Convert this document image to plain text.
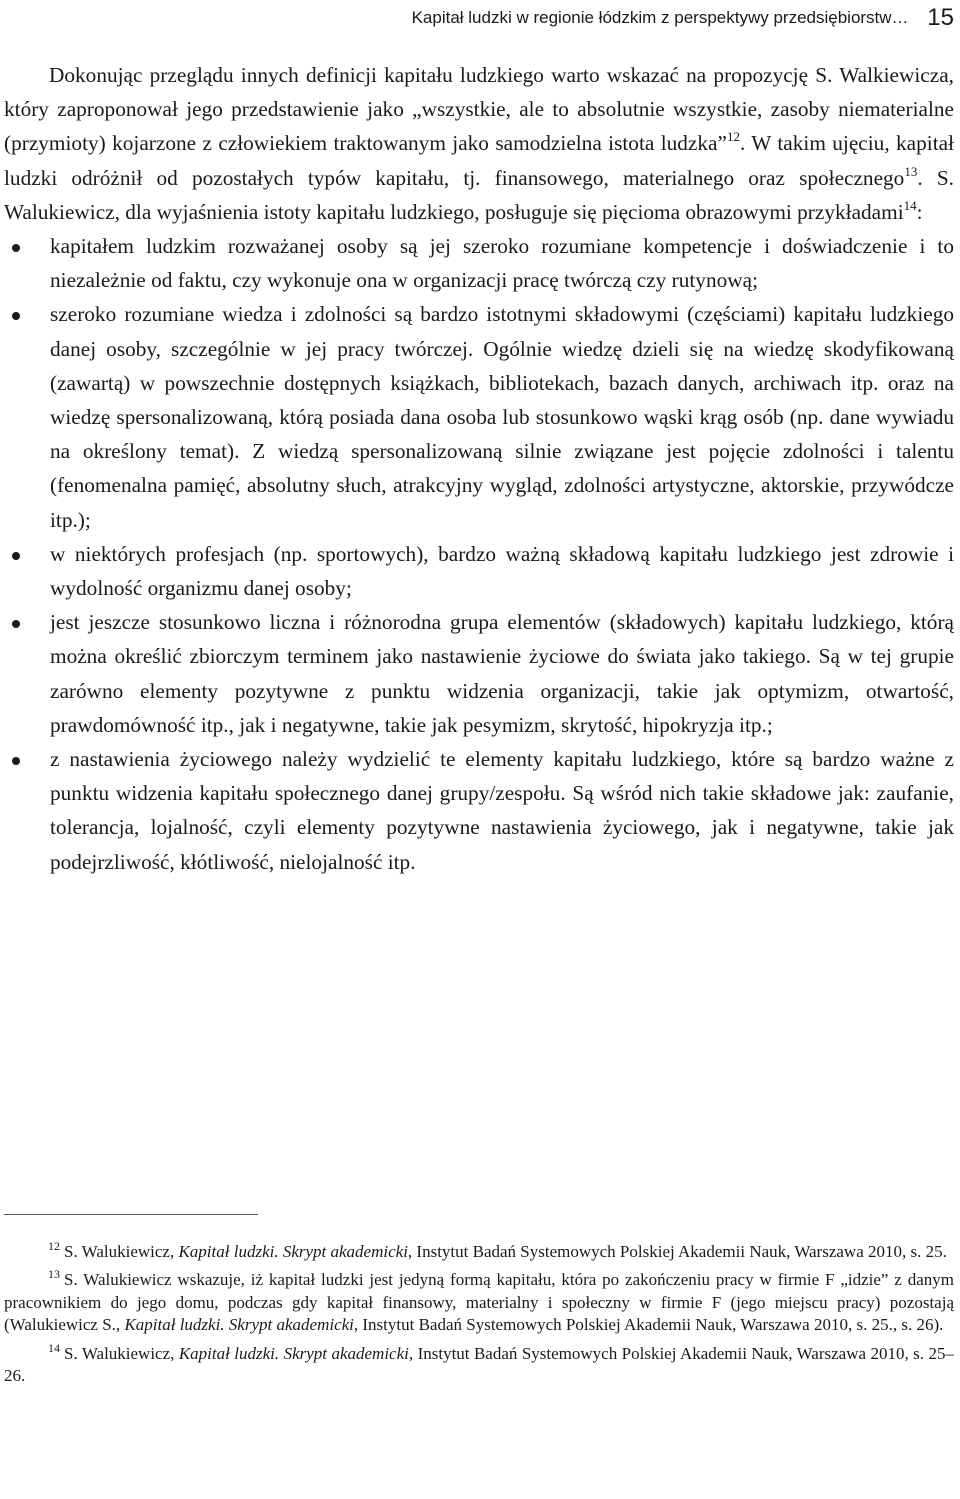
Kapitał ludzki w regionie łódzkim z perspektywy przedsiębiorstw… 15

Dokonując przeglądu innych definicji kapitału ludzkiego warto wskazać na propozycję S. Walkiewicza, który zaproponował jego przedstawienie jako „wszystkie, ale to absolutnie wszystkie, zasoby niematerialne (przymioty) kojarzone z człowiekiem traktowanym jako samodzielna istota ludzka”$^{12}$. W takim ujęciu, kapitał ludzki odróżnił od pozostałych typów kapitału, tj. finansowego, materialnego oraz społecznego$^{13}$. S. Walukiewicz, dla wyjaśnienia istoty kapitału ludzkiego, posługuje się pięcioma obrazowymi przykładami$^{14}$:

kapitałem ludzkim rozważanej osoby są jej szeroko rozumiane kompetencje i doświadczenie i to niezależnie od faktu, czy wykonuje ona w organizacji pracę twórczą czy rutynową;
szeroko rozumiane wiedza i zdolności są bardzo istotnymi składowymi (częściami) kapitału ludzkiego danej osoby, szczególnie w jej pracy twórczej. Ogólnie wiedzę dzieli się na wiedzę skodyfikowaną (zawartą) w powszechnie dostępnych książkach, bibliotekach, bazach danych, archiwach itp. oraz na wiedzę spersonalizowaną, którą posiada dana osoba lub stosunkowo wąski krąg osób (np. dane wywiadu na określony temat). Z wiedzą spersonalizowaną silnie związane jest pojęcie zdolności i talentu (fenomenalna pamięć, absolutny słuch, atrakcyjny wygląd, zdolności artystyczne, aktorskie, przywódcze itp.);
w niektórych profesjach (np. sportowych), bardzo ważną składową kapitału ludzkiego jest zdrowie i wydolność organizmu danej osoby;
jest jeszcze stosunkowo liczna i różnorodna grupa elementów (składowych) kapitału ludzkiego, którą można określić zbiorczym terminem jako nastawienie życiowe do świata jako takiego. Są w tej grupie zarówno elementy pozytywne z punktu widzenia organizacji, takie jak optymizm, otwartość, prawdomówność itp., jak i negatywne, takie jak pesymizm, skrytość, hipokryzja itp.;
z nastawienia życiowego należy wydzielić te elementy kapitału ludzkiego, które są bardzo ważne z punktu widzenia kapitału społecznego danej grupy/zespołu. Są wśród nich takie składowe jak: zaufanie, tolerancja, lojalność, czyli elementy pozytywne nastawienia życiowego, jak i negatywne, takie jak podejrzliwość, kłótliwość, nielojalność itp.

$^{12}$ S. Walukiewicz, Kapitał ludzki. Skrypt akademicki, Instytut Badań Systemowych Polskiej Akademii Nauk, Warszawa 2010, s. 25.

$^{13}$ S. Walukiewicz wskazuje, iż kapitał ludzki jest jedyną formą kapitału, która po zakończeniu pracy w firmie F „idzie” z danym pracownikiem do jego domu, podczas gdy kapitał finansowy, materialny i społeczny w firmie F (jego miejscu pracy) pozostają (Walukiewicz S., Kapitał ludzki. Skrypt akademicki, Instytut Badań Systemowych Polskiej Akademii Nauk, Warszawa 2010, s. 25., s. 26).

$^{14}$ S. Walukiewicz, Kapitał ludzki. Skrypt akademicki, Instytut Badań Systemowych Polskiej Akademii Nauk, Warszawa 2010, s. 25–26.
